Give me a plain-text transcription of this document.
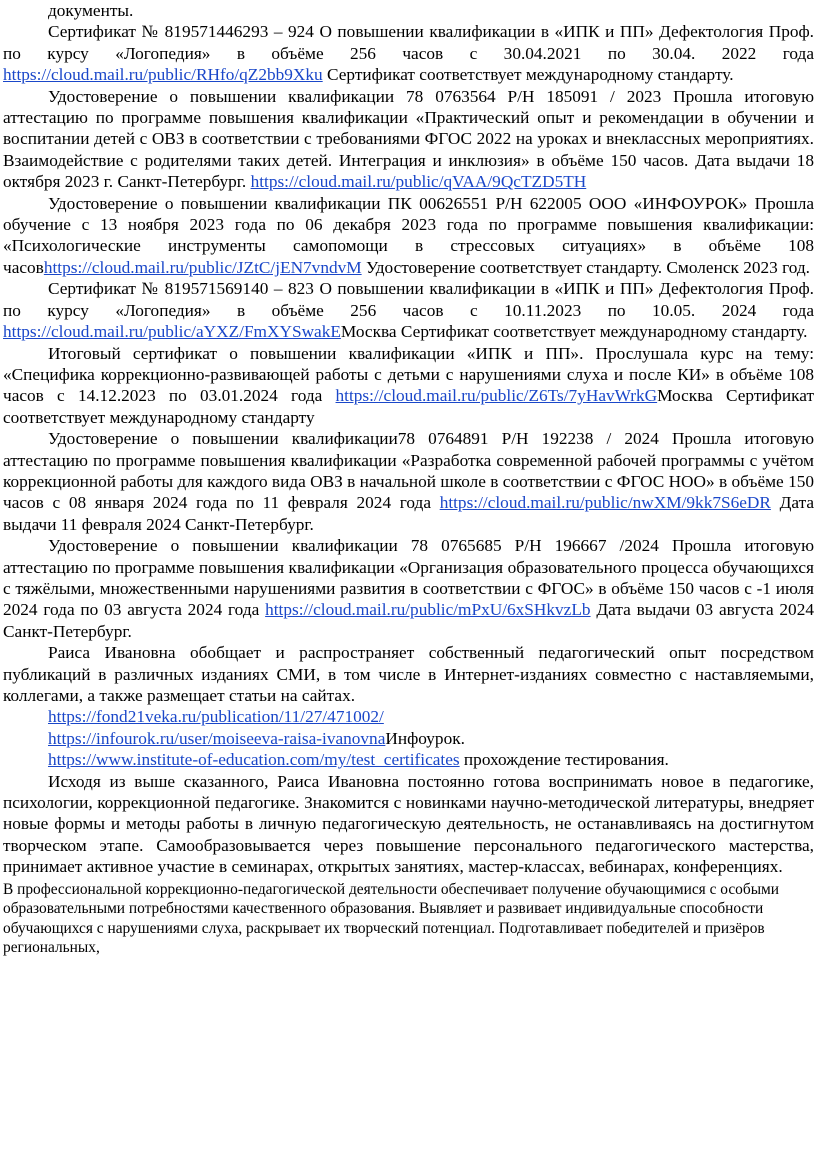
документы.

Сертификат № 819571446293 – 924 О повышении квалификации в «ИПК и ПП» Дефектология Проф. по курсу «Логопедия» в объёме 256 часов с 30.04.2021 по 30.04. 2022 года https://cloud.mail.ru/public/RHfo/qZ2bb9Xku Сертификат соответствует международному стандарту.

Удостоверение о повышении квалификации 78 0763564 Р/Н 185091 / 2023 Прошла итоговую аттестацию по программе повышения квалификации «Практический опыт и рекомендации в обучении и воспитании детей с ОВЗ в соответствии с требованиями ФГОС 2022 на уроках и внеклассных мероприятиях. Взаимодействие с родителями таких детей. Интеграция и инклюзия» в объёме 150 часов. Дата выдачи 18 октября 2023 г. Санкт-Петербург. https://cloud.mail.ru/public/qVAA/9QcTZD5TH

Удостоверение о повышении квалификации ПК 00626551 Р/Н 622005 ООО «ИНФОУРОК» Прошла обучение с 13 ноября 2023 года по 06 декабря 2023 года по программе повышения квалификации: «Психологические инструменты самопомощи в стрессовых ситуациях» в объёме 108 часовhttps://cloud.mail.ru/public/JZtC/jEN7vndvM Удостоверение соответствует стандарту. Смоленск 2023 год.

Сертификат № 819571569140 – 823 О повышении квалификации в «ИПК и ПП» Дефектология Проф. по курсу «Логопедия» в объёме 256 часов с 10.11.2023 по 10.05. 2024 года https://cloud.mail.ru/public/aYXZ/FmXYSwakEМосква Сертификат соответствует международному стандарту.

Итоговый сертификат о повышении квалификации «ИПК и ПП». Прослушала курс на тему: «Специфика коррекционно-развивающей работы с детьми с нарушениями слуха и после КИ» в объёме 108 часов с 14.12.2023 по 03.01.2024 года https://cloud.mail.ru/public/Z6Ts/7yHavWrkGМосква Сертификат соответствует международному стандарту

Удостоверение о повышении квалификации78 0764891 Р/Н 192238 / 2024 Прошла итоговую аттестацию по программе повышения квалификации «Разработка современной рабочей программы с учётом коррекционной работы для каждого вида ОВЗ в начальной школе в соответствии с ФГОС НОО» в объёме 150 часов с 08 января 2024 года по 11 февраля 2024 года https://cloud.mail.ru/public/nwXM/9kk7S6eDR Дата выдачи 11 февраля 2024 Санкт-Петербург.

Удостоверение о повышении квалификации 78 0765685 Р/Н 196667 /2024 Прошла итоговую аттестацию по программе повышения квалификации «Организация образовательного процесса обучающихся с тяжёлыми, множественными нарушениями развития в соответствии с ФГОС» в объёме 150 часов с -1 июля 2024 года по 03 августа 2024 года https://cloud.mail.ru/public/mPxU/6xSHkvzLb Дата выдачи 03 августа 2024 Санкт-Петербург.

Раиса Ивановна обобщает и распространяет собственный педагогический опыт посредством публикаций в различных изданиях СМИ, в том числе в Интернет-изданиях совместно с наставляемыми, коллегами, а также размещает статьи на сайтах.

https://fond21veka.ru/publication/11/27/471002/

https://infourok.ru/user/moiseeva-raisa-ivanovnaИнфоурок.

https://www.institute-of-education.com/my/test_certificates прохождение тестирования.

Исходя из выше сказанного, Раиса Ивановна постоянно готова воспринимать новое в педагогике, психологии, коррекционной педагогике. Знакомится с новинками научно-методической литературы, внедряет новые формы и методы работы в личную педагогическую деятельность, не останавливаясь на достигнутом творческом этапе. Самообразовывается через повышение персонального педагогического мастерства, принимает активное участие в семинарах, открытых занятиях, мастер-классах, вебинарах, конференциях.

В профессиональной коррекционно-педагогической деятельности обеспечивает получение обучающимися с особыми образовательными потребностями качественного образования. Выявляет и развивает индивидуальные способности обучающихся с нарушениями слуха, раскрывает их творческий потенциал. Подготавливает победителей и призёров региональных,
